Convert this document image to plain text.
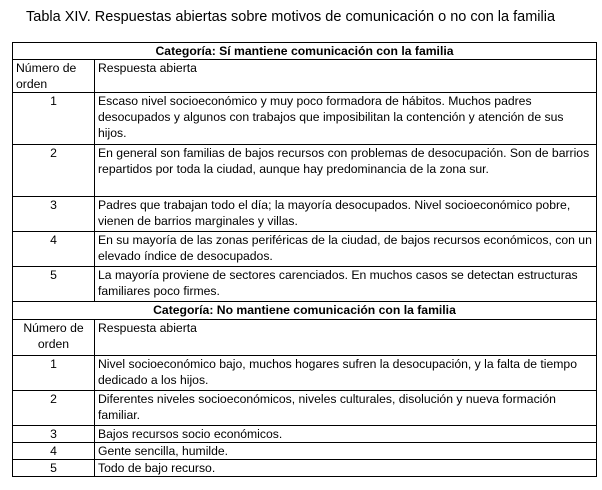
Tabla XIV. Respuestas abiertas sobre motivos de comunicación o no con la familia
Categoría: Sí mantiene comunicación con la familia	
Número de orden	Respuesta abierta
1	Escaso nivel socioeconómico y muy poco formadora de hábitos. Muchos padres desocupados y algunos con trabajos que imposibilitan la contención y atención de sus hijos.
2	En general son familias de bajos recursos con problemas de desocupación. Son de barrios repartidos por toda la ciudad, aunque hay predominancia de la zona sur.
3	Padres que trabajan todo el día; la mayoría desocupados. Nivel socioeconómico pobre, vienen de barrios marginales y villas.
4	En su mayoría de las zonas periféricas de la ciudad, de bajos recursos económicos, con un elevado índice de desocupados.
5	La mayoría proviene de sectores carenciados. En muchos casos se detectan estructuras familiares poco firmes.
Categoría: No mantiene comunicación con la familia	
Número de orden	Respuesta abierta
1	Nivel socioeconómico bajo, muchos hogares sufren la desocupación, y la falta de tiempo dedicado a los hijos.
2	Diferentes niveles socioeconómicos, niveles culturales, disolución y nueva formación familiar.
3	Bajos recursos socio económicos.
4	Gente sencilla, humilde.
5	Todo de bajo recurso.
